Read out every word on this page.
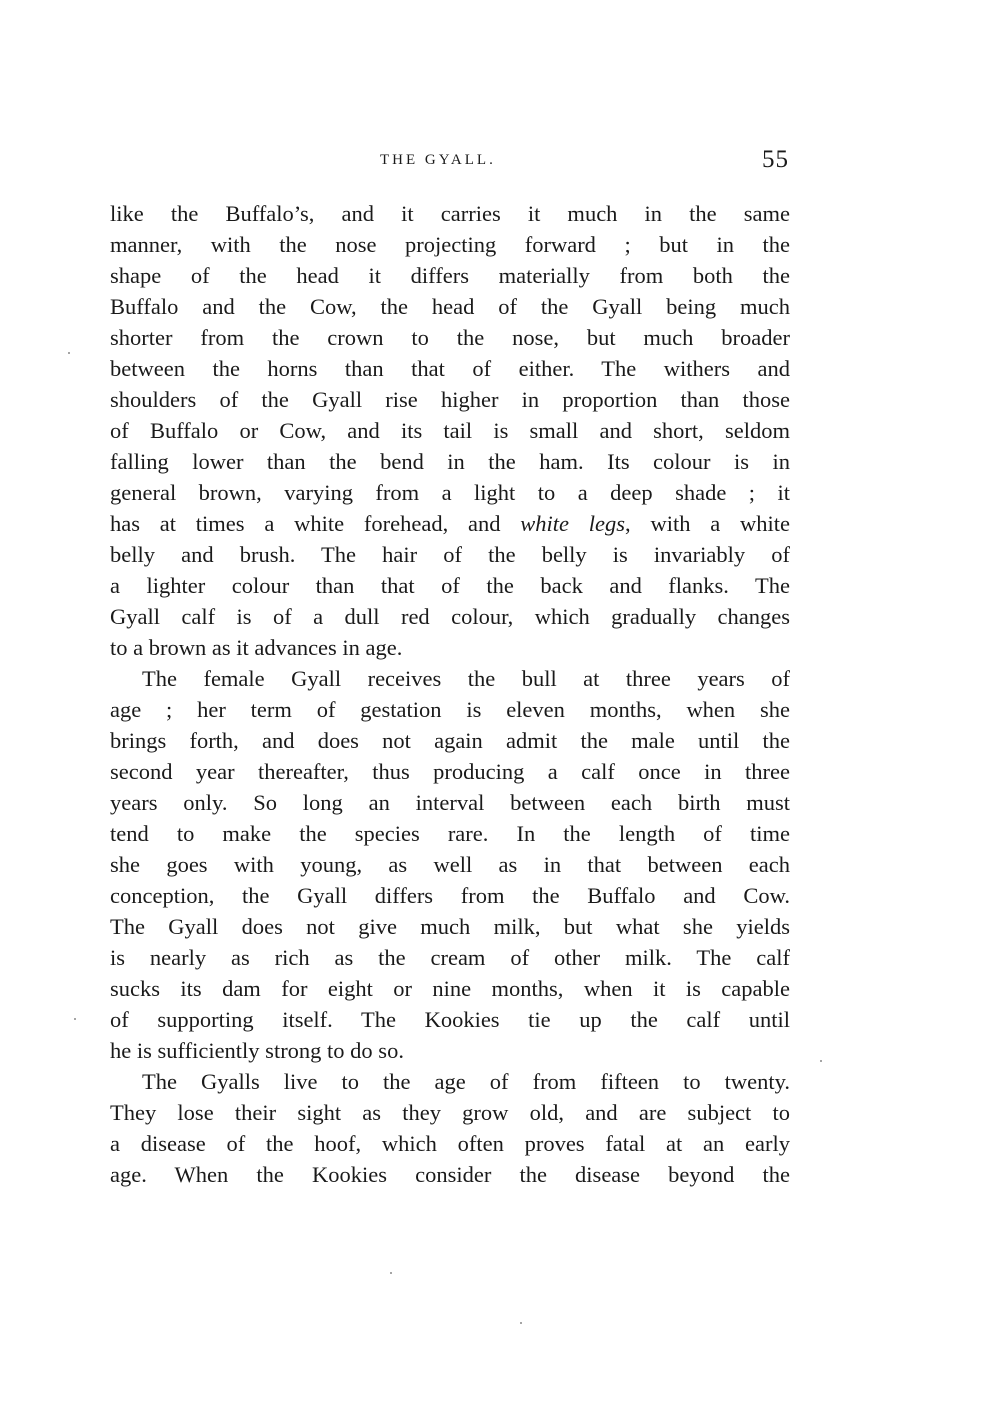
THE GYALL.	55
like the Buffalo’s, and it carries it much in the same
manner, with the nose projecting forward ; but in the
shape of the head it differs materially from both the
Buffalo and the Cow, the head of the Gyall being much
shorter from the crown to the nose, but much broader
between the horns than that of either. The withers and
shoulders of the Gyall rise higher in proportion than those
of Buffalo or Cow, and its tail is small and short, seldom
falling lower than the bend in the ham. Its colour is in
general brown, varying from a light to a deep shade ; it
has at times a white forehead, and white legs, with a white
belly and brush. The hair of the belly is invariably of
a lighter colour than that of the back and flanks. The
Gyall calf is of a dull red colour, which gradually changes
to a brown as it advances in age.
The female Gyall receives the bull at three years of
age ; her term of gestation is eleven months, when she
brings forth, and does not again admit the male until the
second year thereafter, thus producing a calf once in three
years only. So long an interval between each birth must
tend to make the species rare. In the length of time
she goes with young, as well as in that between each
conception, the Gyall differs from the Buffalo and Cow.
The Gyall does not give much milk, but what she yields
is nearly as rich as the cream of other milk. The calf
sucks its dam for eight or nine months, when it is capable
of supporting itself. The Kookies tie up the calf until
he is sufficiently strong to do so.
The Gyalls live to the age of from fifteen to twenty.
They lose their sight as they grow old, and are subject to
a disease of the hoof, which often proves fatal at an early
age. When the Kookies consider the disease beyond the
